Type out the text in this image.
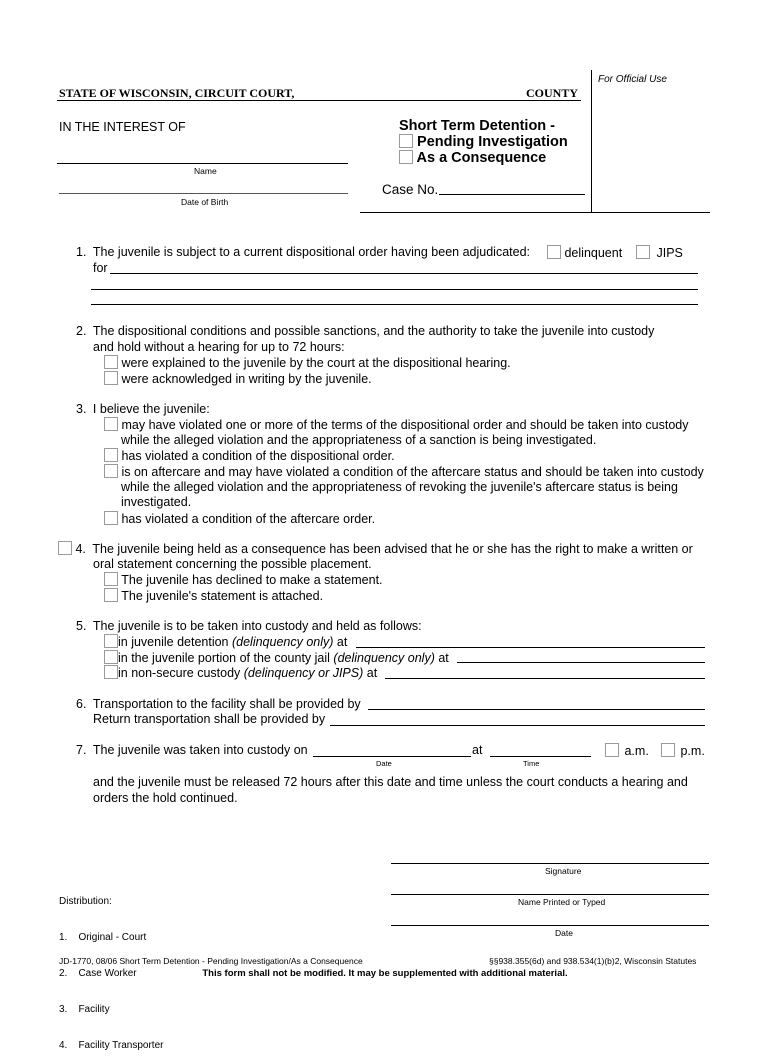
For Official Use
STATE OF WISCONSIN, CIRCUIT COURT,	COUNTY
IN THE INTEREST OF
Name
Date of Birth
Short Term Detention -
Pending Investigation
As a Consequence
Case No.
1. The juvenile is subject to a current dispositional order having been adjudicated:	delinquent	JIPS
for
2. The dispositional conditions and possible sanctions, and the authority to take the juvenile into custody
and hold without a hearing for up to 72 hours:
were explained to the juvenile by the court at the dispositional hearing.
were acknowledged in writing by the juvenile.
3. I believe the juvenile:
may have violated one or more of the terms of the dispositional order and should be taken into custody
while the alleged violation and the appropriateness of a sanction is being investigated.
has violated a condition of the dispositional order.
is on aftercare and may have violated a condition of the aftercare status and should be taken into custody
while the alleged violation and the appropriateness of revoking the juvenile's aftercare status is being
investigated.
has violated a condition of the aftercare order.
4. The juvenile being held as a consequence has been advised that he or she has the right to make a written or
oral statement concerning the possible placement.
The juvenile has declined to make a statement.
The juvenile's statement is attached.
5. The juvenile is to be taken into custody and held as follows:
in juvenile detention (delinquency only) at
in the juvenile portion of the county jail (delinquency only) at
in non-secure custody (delinquency or JIPS) at
6. Transportation to the facility shall be provided by
Return transportation shall be provided by
7. The juvenile was taken into custody on	at	a.m.	p.m.
Date	Time
and the juvenile must be released 72 hours after this date and time unless the court conducts a hearing and
orders the hold continued.
Signature
Name Printed or Typed
Date

Distribution:

1.    Original - Court

2.    Case Worker

3.    Facility

4.    Facility Transporter

JD-1770, 08/06 Short Term Detention - Pending Investigation/As a Consequence	§§938.355(6d) and 938.534(1)(b)2, Wisconsin Statutes
This form shall not be modified. It may be supplemented with additional material.
